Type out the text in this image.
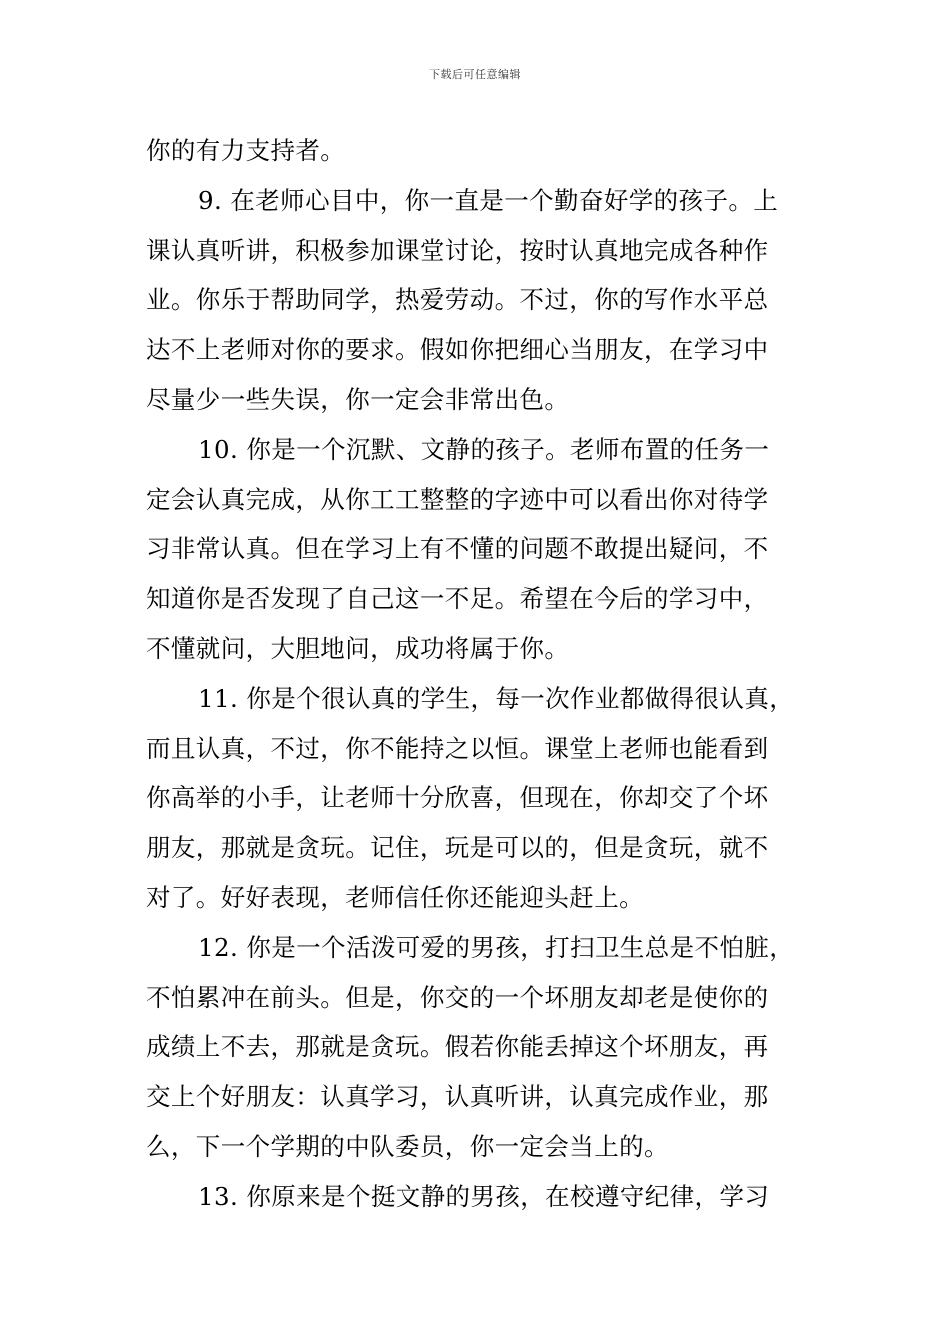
下载后可任意编辑
你的有力支持者。
9. 在老师心目中，你一直是一个勤奋好学的孩子。上
课认真听讲，积极参加课堂讨论，按时认真地完成各种作
业。你乐于帮助同学，热爱劳动。不过，你的写作水平总
达不上老师对你的要求。假如你把细心当朋友，在学习中
尽量少一些失误，你一定会非常出色。
10. 你是一个沉默、文静的孩子。老师布置的任务一
定会认真完成，从你工工整整的字迹中可以看出你对待学
习非常认真。但在学习上有不懂的问题不敢提出疑问，不
知道你是否发现了自己这一不足。希望在今后的学习中，
不懂就问，大胆地问，成功将属于你。
11. 你是个很认真的学生，每一次作业都做得很认真，
而且认真，不过，你不能持之以恒。课堂上老师也能看到
你高举的小手，让老师十分欣喜，但现在，你却交了个坏
朋友，那就是贪玩。记住，玩是可以的，但是贪玩，就不
对了。好好表现，老师信任你还能迎头赶上。
12. 你是一个活泼可爱的男孩，打扫卫生总是不怕脏，
不怕累冲在前头。但是，你交的一个坏朋友却老是使你的
成绩上不去，那就是贪玩。假若你能丢掉这个坏朋友，再
交上个好朋友：认真学习，认真听讲，认真完成作业，那
么，下一个学期的中队委员，你一定会当上的。
13. 你原来是个挺文静的男孩，在校遵守纪律，学习
